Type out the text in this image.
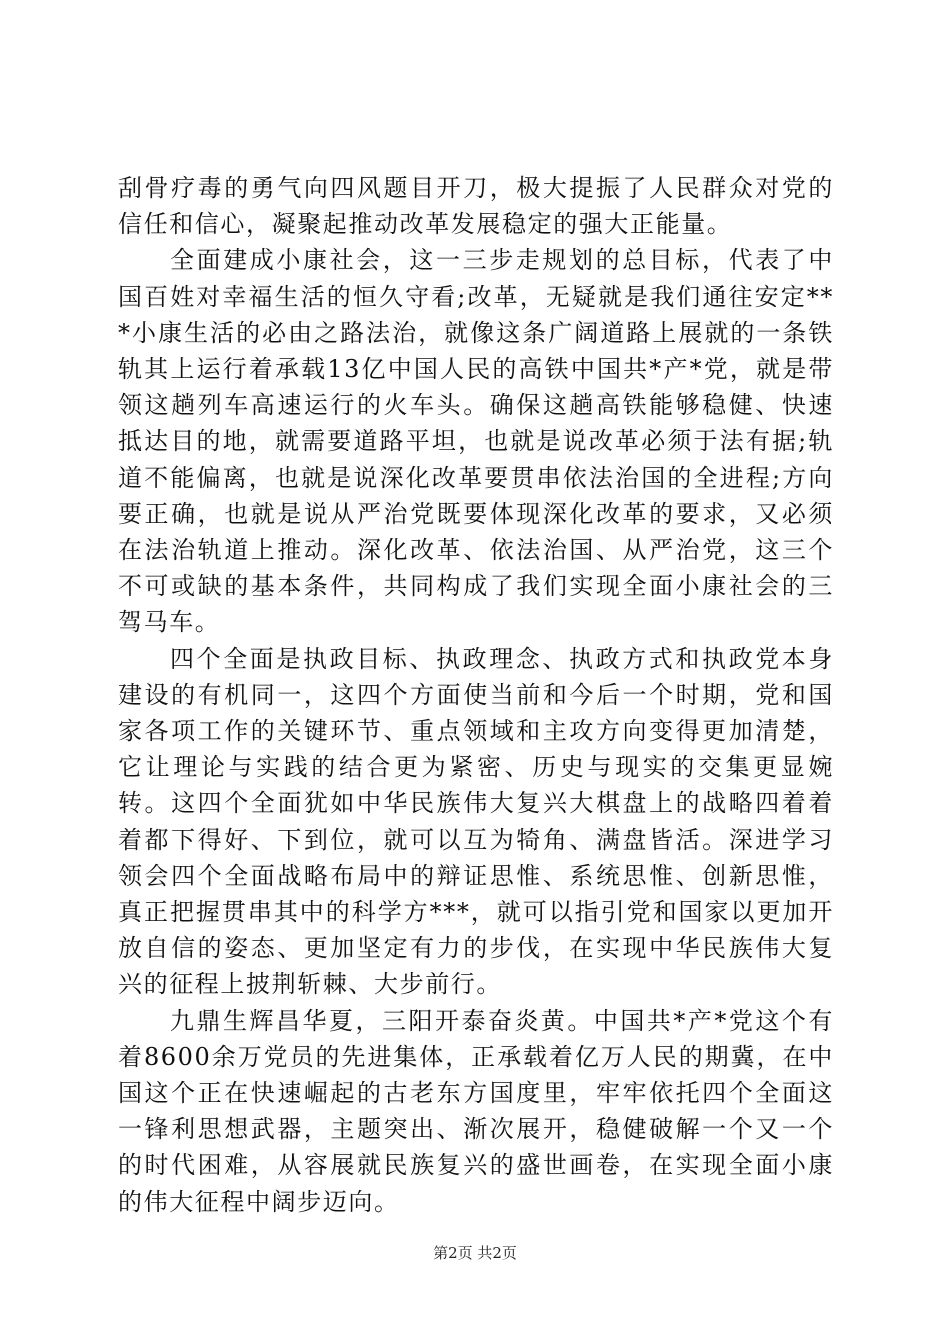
刮骨疗毒的勇气向四风题目开刀，极大提振了人民群众对党的信任和信心，凝聚起推动改革发展稳定的强大正能量。

全面建成小康社会，这一三步走规划的总目标，代表了中国百姓对幸福生活的恒久守看;改革，无疑就是我们通往安定***小康生活的必由之路法治，就像这条广阔道路上展就的一条铁轨其上运行着承载13亿中国人民的高铁中国共*产*党，就是带领这趟列车高速运行的火车头。确保这趟高铁能够稳健、快速抵达目的地，就需要道路平坦，也就是说改革必须于法有据;轨道不能偏离，也就是说深化改革要贯串依法治国的全进程;方向要正确，也就是说从严治党既要体现深化改革的要求，又必须在法治轨道上推动。深化改革、依法治国、从严治党，这三个不可或缺的基本条件，共同构成了我们实现全面小康社会的三驾马车。

四个全面是执政目标、执政理念、执政方式和执政党本身建设的有机同一，这四个方面使当前和今后一个时期，党和国家各项工作的关键环节、重点领域和主攻方向变得更加清楚，它让理论与实践的结合更为紧密、历史与现实的交集更显婉转。这四个全面犹如中华民族伟大复兴大棋盘上的战略四着着着都下得好、下到位，就可以互为犄角、满盘皆活。深进学习领会四个全面战略布局中的辩证思惟、系统思惟、创新思惟，真正把握贯串其中的科学方***，就可以指引党和国家以更加开放自信的姿态、更加坚定有力的步伐，在实现中华民族伟大复兴的征程上披荆斩棘、大步前行。

九鼎生辉昌华夏，三阳开泰奋炎黄。中国共*产*党这个有着8600余万党员的先进集体，正承载着亿万人民的期冀，在中国这个正在快速崛起的古老东方国度里，牢牢依托四个全面这一锋利思想武器，主题突出、渐次展开，稳健破解一个又一个的时代困难，从容展就民族复兴的盛世画卷，在实现全面小康的伟大征程中阔步迈向。

第2页 共2页
